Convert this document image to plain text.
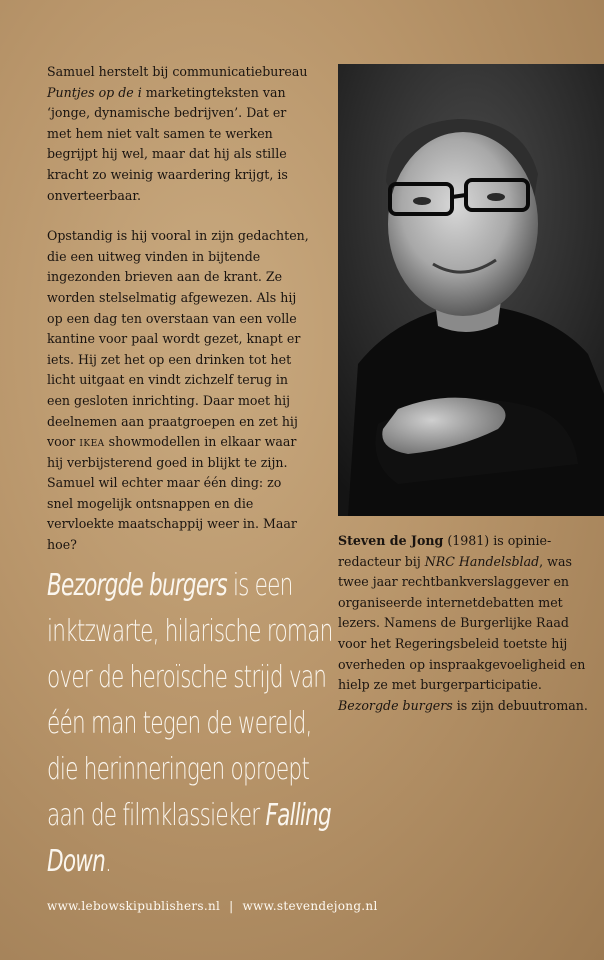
Samuel herstelt bij communicatiebureau Puntjes op de i marketingteksten van ‘jonge, dynamische bedrijven’. Dat er met hem niet valt samen te werken begrijpt hij wel, maar dat hij als stille kracht zo weinig waardering krijgt, is onverteerbaar.

Opstandig is hij vooral in zijn gedachten, die een uitweg vinden in bijtende ingezonden brieven aan de krant. Ze worden stelselmatig afgewezen. Als hij op een dag ten overstaan van een volle kantine voor paal wordt gezet, knapt er iets. Hij zet het op een drinken tot het licht uitgaat en vindt zichzelf terug in een gesloten inrichting. Daar moet hij deelnemen aan praatgroepen en zet hij voor ikea showmodellen in elkaar waar hij verbijsterend goed in blijkt te zijn. Samuel wil echter maar één ding: zo snel mogelijk ontsnappen en die vervloekte maatschappij weer in. Maar hoe?	Steven de Jong (1981) is opinie-redacteur bij NRC Handelsblad, was twee jaar rechtbankverslaggever en organiseerde internetdebatten met lezers. Namens de Burgerlijke Raad voor het Regeringsbeleid toetste hij overheden op inspraakgevoeligheid en hielp ze met burgerparticipatie. Bezorgde burgers is zijn debuutroman.
Bezorgde burgers is een inktzwarte, hilarische roman over de heroïsche strijd van één man tegen de wereld, die herinneringen oproept aan de filmklassieker Falling Down.
www.lebowskipublishers.nl | www.stevendejong.nl
